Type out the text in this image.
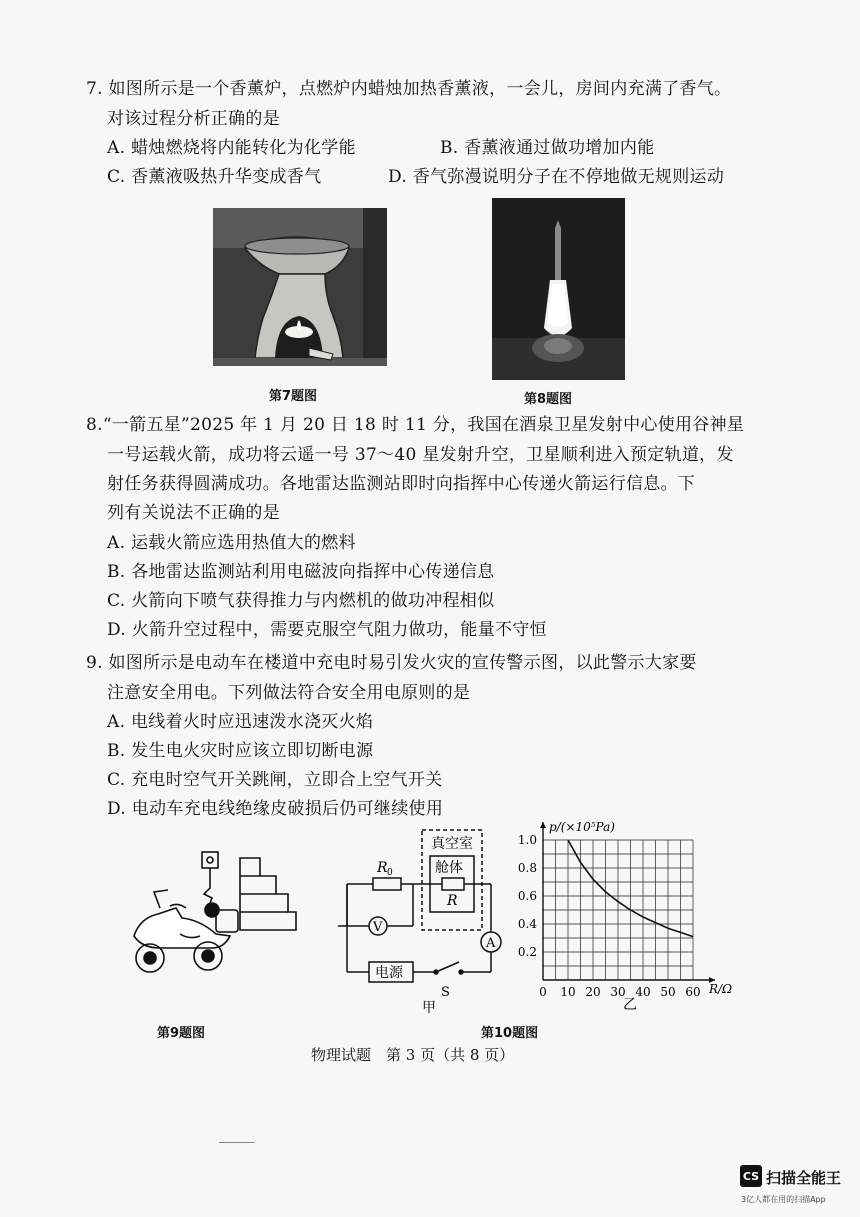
7. 如图所示是一个香薰炉，点燃炉内蜡烛加热香薰液，一会儿，房间内充满了香气。
对该过程分析正确的是
A. 蜡烛燃烧将内能转化为化学能	B. 香薰液通过做功增加内能
C. 香薰液吸热升华变成香气	D. 香气弥漫说明分子在不停地做无规则运动
第7题图	第8题图
8.“一箭五星”2025 年 1 月 20 日 18 时 11 分，我国在酒泉卫星发射中心使用谷神星
一号运载火箭，成功将云遥一号 37～40 星发射升空，卫星顺利进入预定轨道，发
射任务获得圆满成功。各地雷达监测站即时向指挥中心传递火箭运行信息。下
列有关说法不正确的是
A. 运载火箭应选用热值大的燃料
B. 各地雷达监测站利用电磁波向指挥中心传递信息
C. 火箭向下喷气获得推力与内燃机的做功冲程相似
D. 火箭升空过程中，需要克服空气阻力做功，能量不守恒
9. 如图所示是电动车在楼道中充电时易引发火灾的宣传警示图，以此警示大家要
注意安全用电。下列做法符合安全用电原则的是
A. 电线着火时应迅速泼水浇灭火焰
B. 发生电火灾时应该立即切断电源
C. 充电时空气开关跳闸，立即合上空气开关
D. 电动车充电线绝缘皮破损后仍可继续使用
第9题图
真空室
舱体
R
R 0
V
A
电源
S
甲
0 10 20 30 40 50 60
0.2
0.4
0.6
0.8
1.0
p/(×10⁵Pa)
R/Ω
乙
第10题图
物理试题　第 3 页（共 8 页）
CS 扫描全能王
3亿人都在用的扫描App
